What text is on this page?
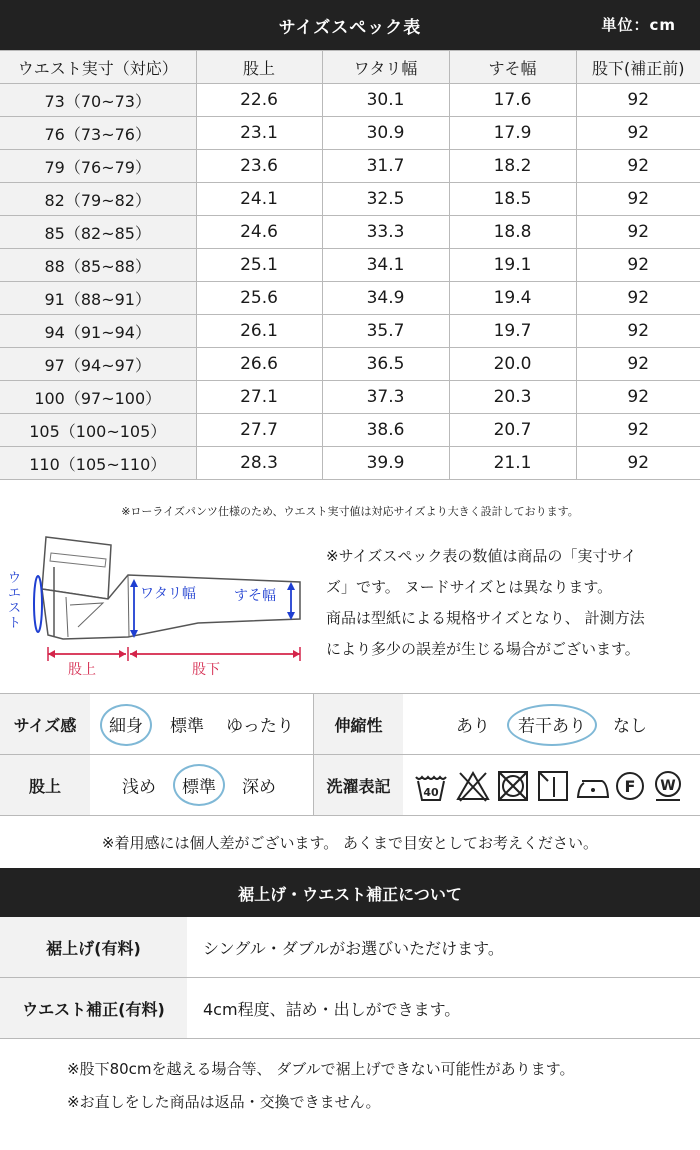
サイズスペック表	単位：cm
ウエスト実寸（対応）	股上	ワタリ幅	すそ幅	股下(補正前)
73（70~73）	22.6	30.1	17.6	92
76（73~76）	23.1	30.9	17.9	92
79（76~79）	23.6	31.7	18.2	92
82（79~82）	24.1	32.5	18.5	92
85（82~85）	24.6	33.3	18.8	92
88（85~88）	25.1	34.1	19.1	92
91（88~91）	25.6	34.9	19.4	92
94（91~94）	26.1	35.7	19.7	92
97（94~97）	26.6	36.5	20.0	92
100（97~100）	27.1	37.3	20.3	92
105（100~105）	27.7	38.6	20.7	92
110（105~110）	28.3	39.9	21.1	92
※ローライズパンツ仕様のため、ウエスト実寸値は対応サイズより大きく設計しております。
ウエスト
ワタリ幅	すそ幅
股上	股下
※サイズスペック表の数値は商品の「実寸サイ
ズ」です。 ヌードサイズとは異なります。
商品は型紙による規格サイズとなり、 計測方法
により多少の誤差が生じる場合がございます。
サイズ感	細身 標準 ゆったり	伸縮性	あり 若干あり なし
股上	浅め 標準 深め	洗濯表記	40	F W
※着用感には個人差がございます。 あくまで目安としてお考えください。
裾上げ・ウエスト補正について
裾上げ(有料)	シングル・ダブルがお選びいただけます。
ウエスト補正(有料)	4cm程度、詰め・出しができます。
※股下80cmを越える場合等、 ダブルで裾上げできない可能性があります。
※お直しをした商品は返品・交換できません。
